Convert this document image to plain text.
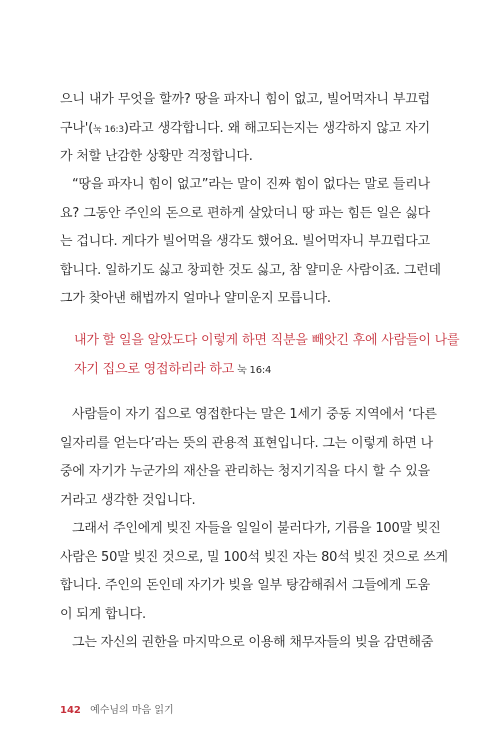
으니 내가 무엇을 할까? 땅을 파자니 힘이 없고, 빌어먹자니 부끄럽
구나'(눅 16:3)라고 생각합니다. 왜 해고되는지는 생각하지 않고 자기
가 처할 난감한 상황만 걱정합니다.
“땅을 파자니 힘이 없고”라는 말이 진짜 힘이 없다는 말로 들리나
요? 그동안 주인의 돈으로 편하게 살았더니 땅 파는 힘든 일은 싫다
는 겁니다. 게다가 빌어먹을 생각도 했어요. 빌어먹자니 부끄럽다고
합니다. 일하기도 싫고 창피한 것도 싫고, 참 얄미운 사람이죠. 그런데
그가 찾아낸 해법까지 얼마나 얄미운지 모릅니다.
내가 할 일을 알았도다 이렇게 하면 직분을 빼앗긴 후에 사람들이 나를
자기 집으로 영접하리라 하고 눅 16:4
사람들이 자기 집으로 영접한다는 말은 1세기 중동 지역에서 ‘다른
일자리를 얻는다’라는 뜻의 관용적 표현입니다. 그는 이렇게 하면 나
중에 자기가 누군가의 재산을 관리하는 청지기직을 다시 할 수 있을
거라고 생각한 것입니다.
그래서 주인에게 빚진 자들을 일일이 불러다가, 기름을 100말 빚진
사람은 50말 빚진 것으로, 밀 100석 빚진 자는 80석 빚진 것으로 쓰게
합니다. 주인의 돈인데 자기가 빚을 일부 탕감해줘서 그들에게 도움
이 되게 합니다.
그는 자신의 권한을 마지막으로 이용해 채무자들의 빚을 감면해줌
142 예수님의 마음 읽기
